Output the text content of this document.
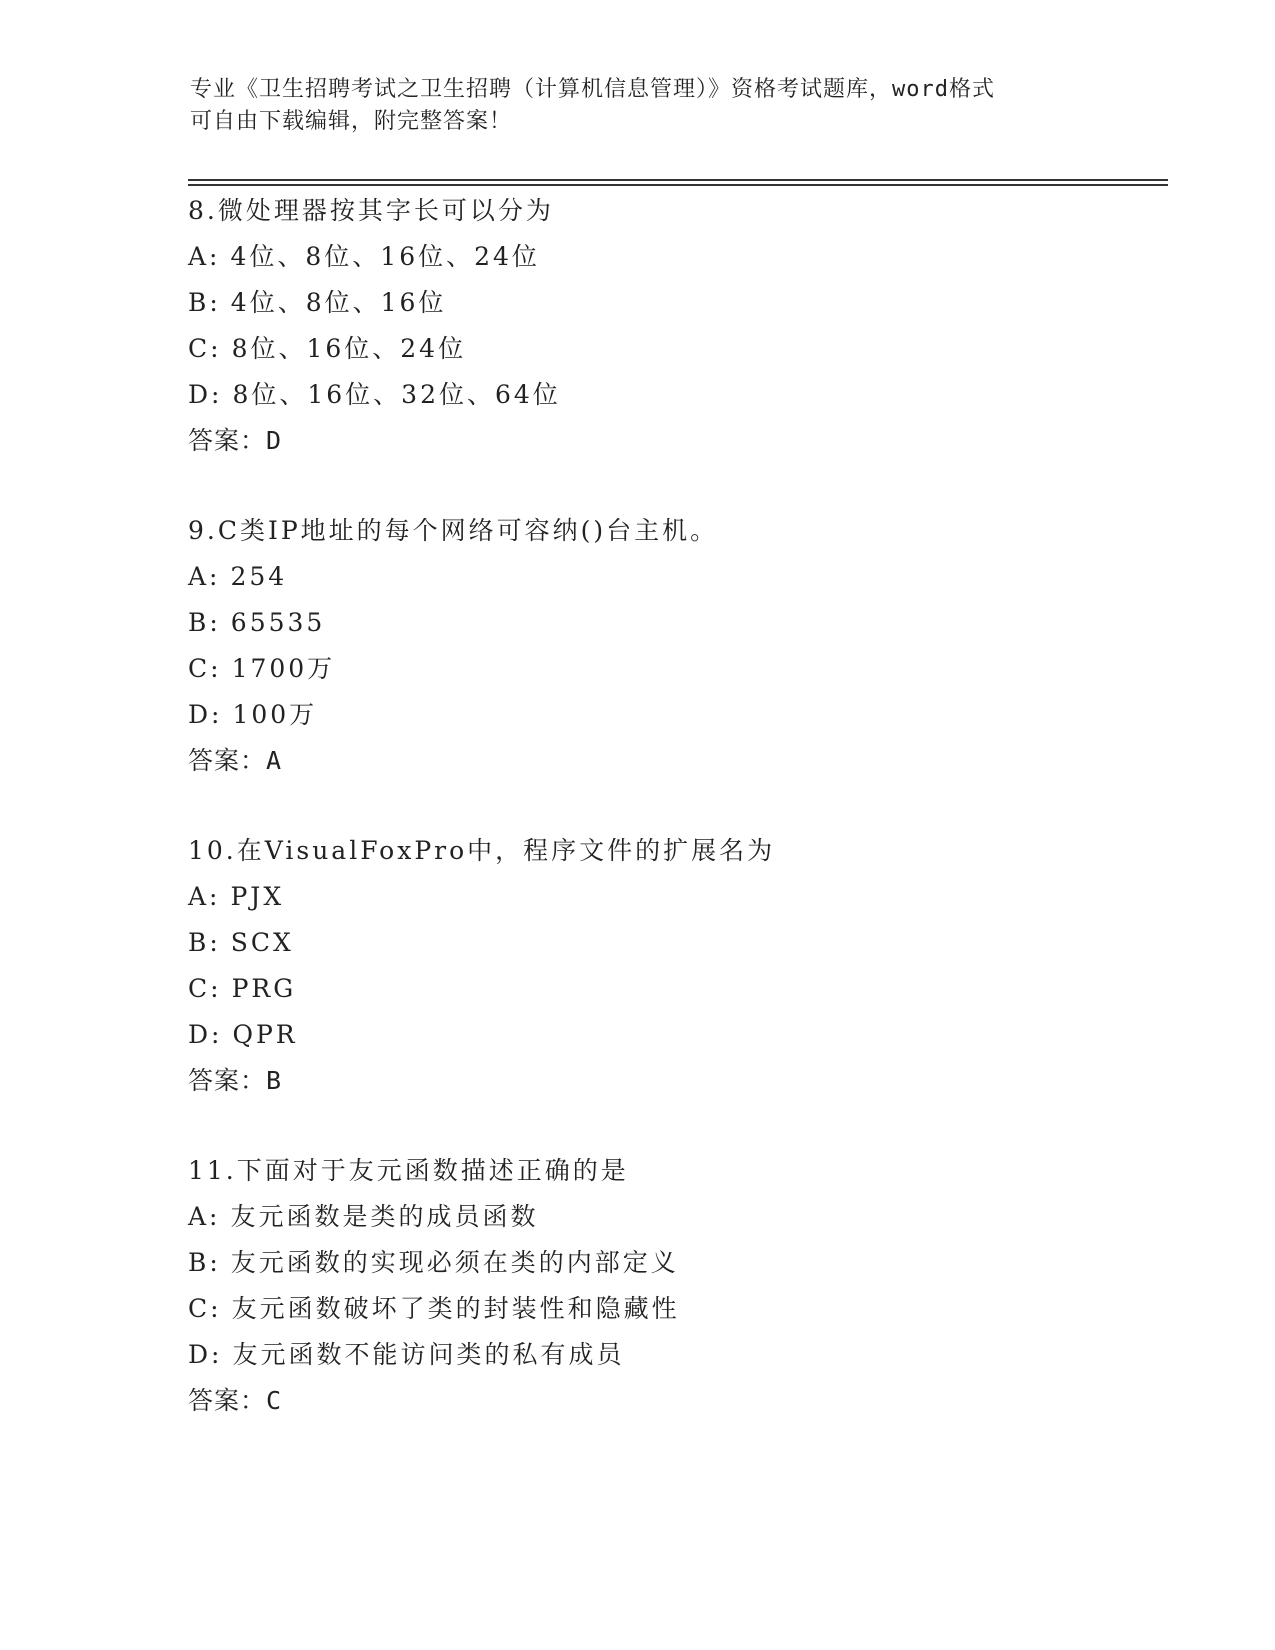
专业《卫生招聘考试之卫生招聘（计算机信息管理）》资格考试题库，word格式
可自由下载编辑，附完整答案！
8.微处理器按其字长可以分为
A: 4位、8位、16位、24位
B: 4位、8位、16位
C: 8位、16位、24位
D: 8位、16位、32位、64位
答案：D
9.C类IP地址的每个网络可容纳()台主机。
A: 254
B: 65535
C: 1700万
D: 100万
答案：A
10.在VisualFoxPro中，程序文件的扩展名为
A: PJX
B: SCX
C: PRG
D: QPR
答案：B
11.下面对于友元函数描述正确的是
A: 友元函数是类的成员函数
B: 友元函数的实现必须在类的内部定义
C: 友元函数破坏了类的封装性和隐藏性
D: 友元函数不能访问类的私有成员
答案：C
